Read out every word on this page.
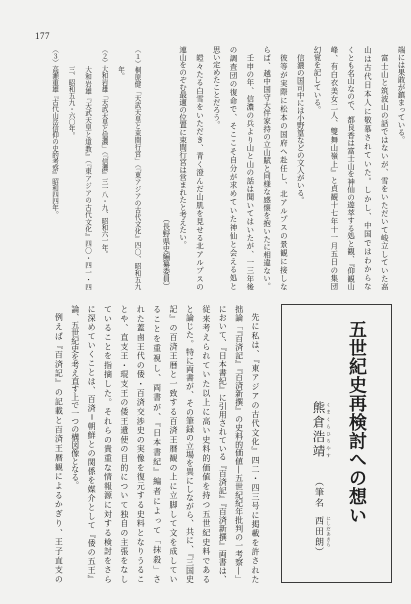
177
端には果敢が鎮まっている。
富士山と筑波山の話ではないが、雪をいただいて峻立していた高
山は古代日本人に敬慕されていた。しかし、中国ではわからな
くとも名山なので、都良香は富士山を神仙の遊萃する処と観、『仰観山
峰、有白衣美女二人、雙舞山嶺上』と貞観十七年十一月五日の集団
幻覚を記している。
信濃の国司中には小野篁などの文人がいる。
彼等が実際に松本の国府へ赴任し、北アルプスの景観に接しな
らば、越中国守大伴家持の立山賦と同様な感懐を抱いたに相違ない。
壬申の年、信濃の兵より山と山の話は聞いてはいたが、一三年後
の調査団の復命で、そここそ自分が求めていた神仙と会える処と
思い定めたことだろう。
皚々たる白雪をいただき、青く澄んだ山肌を見せる北アルプスの
連山をのぞむ最適の位置に束間行宮は営まれたと考えたい。
（長野県史編纂委員）
（１）桐原健「天武天皇と束間行宮」（『東アジアの古代文化』四〇、昭和五九
年。
（２）大和岩雄「天武天皇と信濃」（『信濃』三一八・九、昭和六一年。
大和岩雄『天武天皇と道教』（『東アジアの古代文化』四〇・四一・四
三、昭和五九・六〇年。
（３）高瀬重雄『古代山岳信仰の史的考察』昭和四四年。
五世紀史再検討への想い
熊倉浩靖 くまくらひろやす（筆名西田朗 にしだあきら）
先に私は、『東アジアの古代文化』四二・四三号に掲載を許された
拙論「『百済記』『百済新撰』の史料的価値―五世紀紀年批判の一考察―」
において、『日本書紀』に引用されている『百済記』『百済新撰』両書は、
従来考えられていた以上に高い史料的価値を持つ五世紀史料である
と論じた。特に両書が、その筆録の立場を異にしながら、共に、『三国史
記』の百済王暦と一致する百済王暦観の上に立脚して文を成してい
ることを重視し、両書が、『日本書紀』編者によって「抹殺」さ
れた蓋鹵王代の倭・百済交渉史の実像を復元する史料となりうるこ
とや、直支王・琨支王の倭王遺使の目的について独自の主張をなし
ていることを指摘した。それらの貴重な情報源に対する検討をさら
に深めていくことは、百済＝朝鮮との関係を媒介として『倭の五王』
論、五世紀史を考え直す上で一つの構図像となる。
例えば『百済記』の記載と百済王暦観によるかぎり、王子直支の
